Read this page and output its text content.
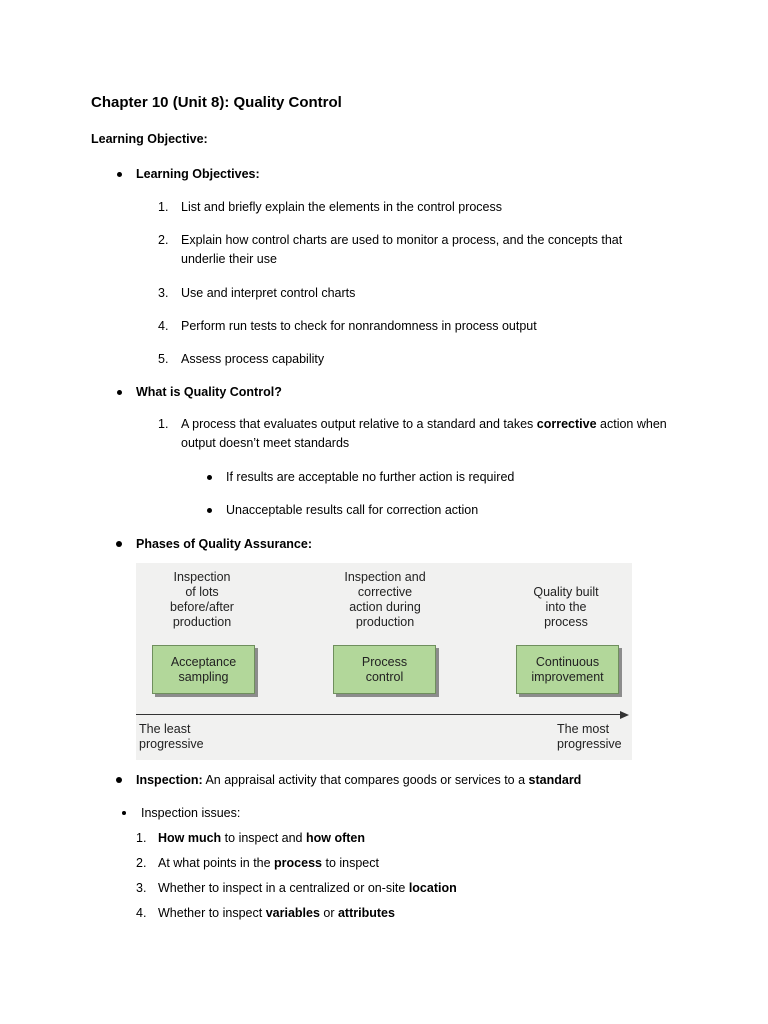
Chapter 10 (Unit 8): Quality Control
Learning Objective:
Learning Objectives:
1. List and briefly explain the elements in the control process
2. Explain how control charts are used to monitor a process, and the concepts that
underlie their use
3. Use and interpret control charts
4. Perform run tests to check for nonrandomness in process output
5. Assess process capability
What is Quality Control?
1. A process that evaluates output relative to a standard and takes corrective action when
output doesn’t meet standards
If results are acceptable no further action is required
Unacceptable results call for correction action
Phases of Quality Assurance:
Inspection
of lots
before/after
production
Inspection and
corrective
action during
production
Quality built
into the
process
Acceptance
sampling
Process
control
Continuous
improvement
The least
progressive
The most
progressive
Inspection: An appraisal activity that compares goods or services to a standard
Inspection issues:
1. How much to inspect and how often
2. At what points in the process to inspect
3. Whether to inspect in a centralized or on-site location
4. Whether to inspect variables or attributes
